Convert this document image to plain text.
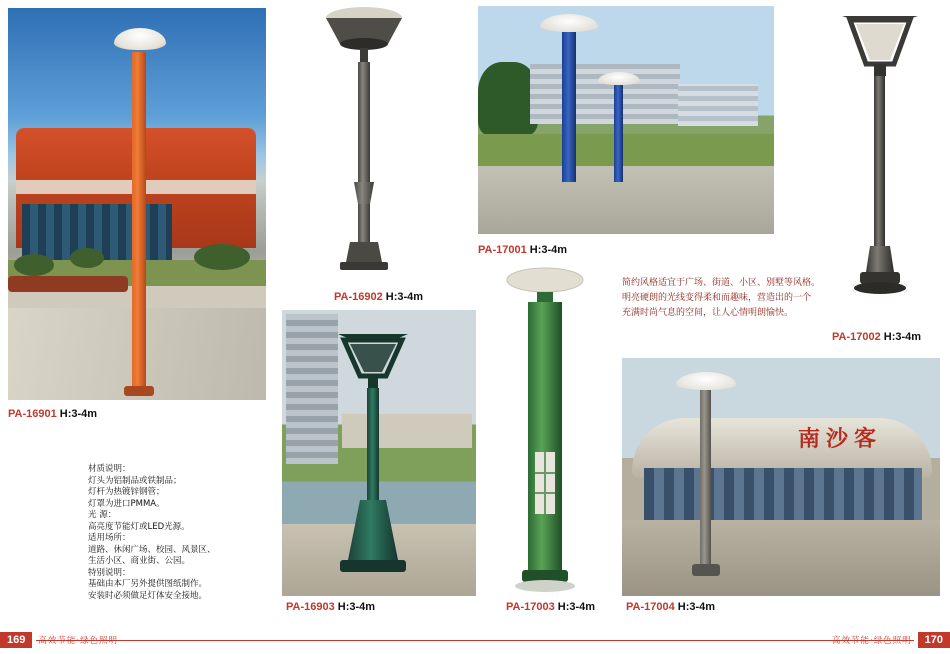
PA-16901 H:3-4m
PA-16902 H:3-4m
PA-17001 H:3-4m
PA-17002 H:3-4m
PA-16903 H:3-4m	PA-17003 H:3-4m
南沙客
PA-17004 H:3-4m
材质说明：
灯头为铝制品或铁制品；
灯杆为热镀锌钢管；
灯罩为进口PMMA。
光 源：
高亮度节能灯或LED光源。
适用场所：
道路、休闲广场、校园、风景区、
生活小区、商业街、公园。
特别说明：
基础由本厂另外提供图纸制作。
安装时必须做足灯体安全接地。
简约风格适宜于广场、街道、小区、别墅等风格。
明亮硬朗的光线变得柔和而趣味，营造出的一个
充满时尚气息的空间，让人心情明朗愉快。
169	高效节能·绿色照明	高效节能·绿色照明	170
